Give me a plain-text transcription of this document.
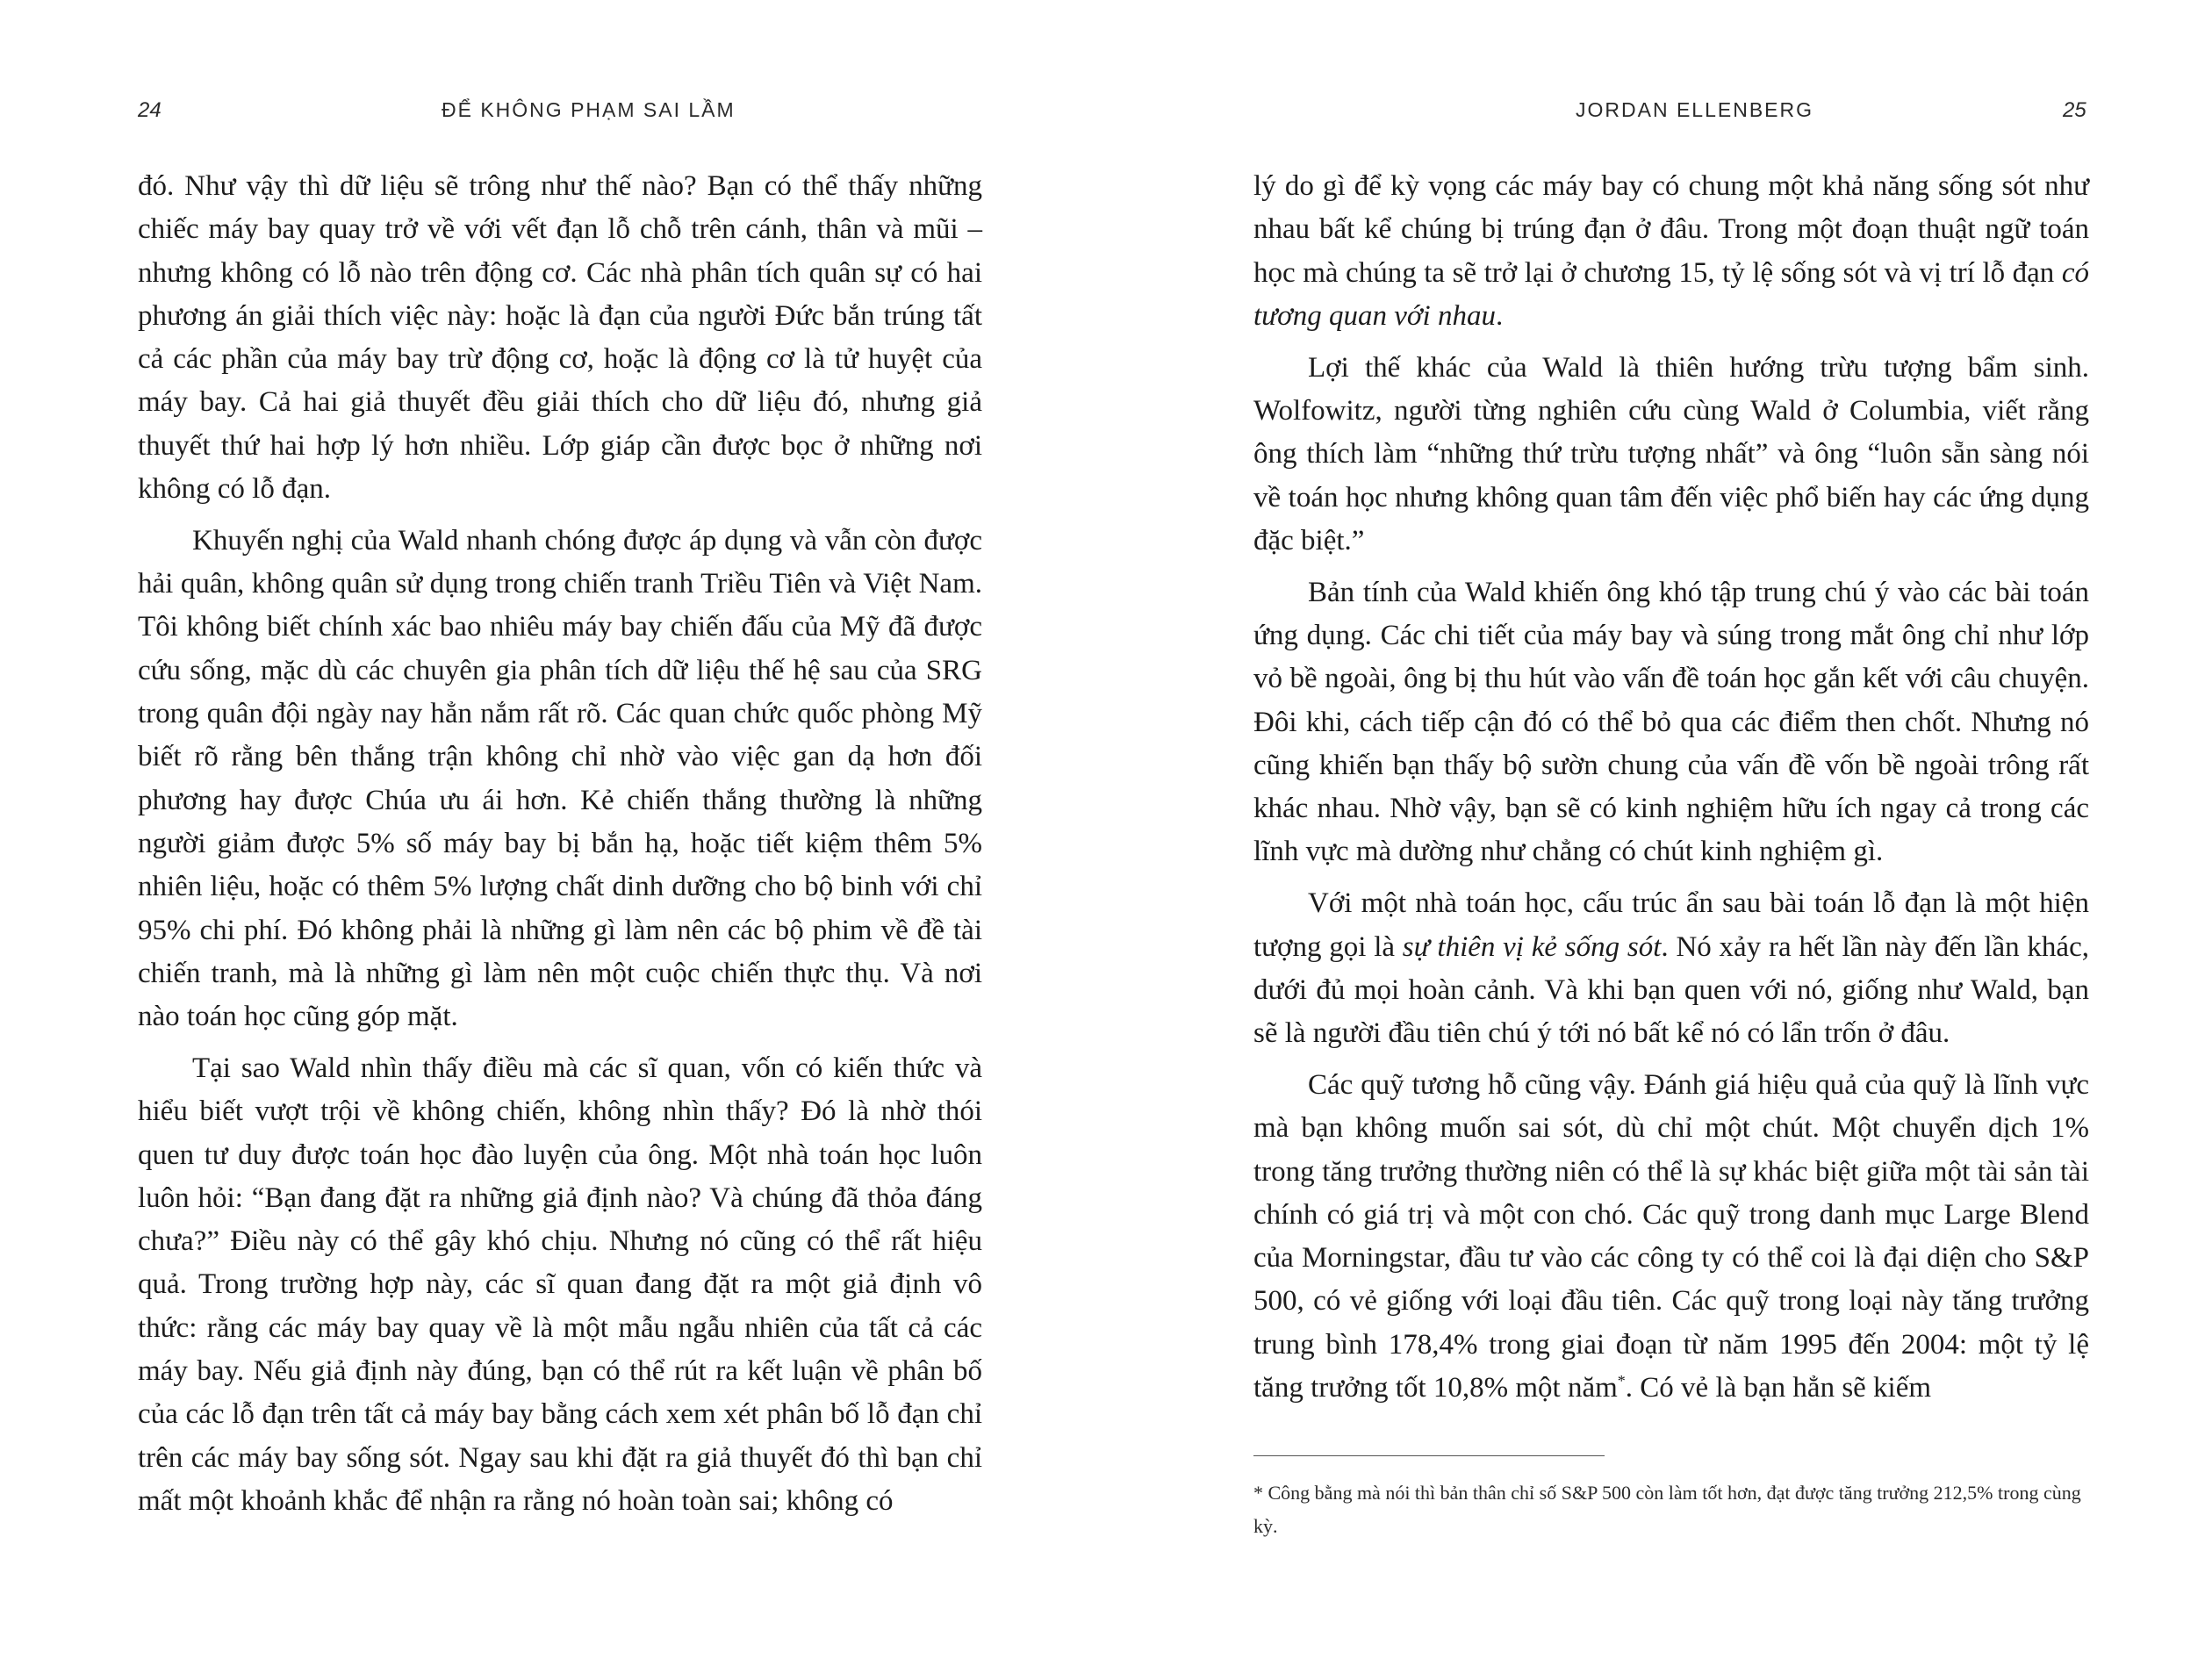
24	ĐỂ KHÔNG PHẠM SAI LẦM

đó. Như vậy thì dữ liệu sẽ trông như thế nào? Bạn có thể thấy những chiếc máy bay quay trở về với vết đạn lỗ chỗ trên cánh, thân và mũi – nhưng không có lỗ nào trên động cơ. Các nhà phân tích quân sự có hai phương án giải thích việc này: hoặc là đạn của người Đức bắn trúng tất cả các phần của máy bay trừ động cơ, hoặc là động cơ là tử huyệt của máy bay. Cả hai giả thuyết đều giải thích cho dữ liệu đó, nhưng giả thuyết thứ hai hợp lý hơn nhiều. Lớp giáp cần được bọc ở những nơi không có lỗ đạn.

Khuyến nghị của Wald nhanh chóng được áp dụng và vẫn còn được hải quân, không quân sử dụng trong chiến tranh Triều Tiên và Việt Nam. Tôi không biết chính xác bao nhiêu máy bay chiến đấu của Mỹ đã được cứu sống, mặc dù các chuyên gia phân tích dữ liệu thế hệ sau của SRG trong quân đội ngày nay hẳn nắm rất rõ. Các quan chức quốc phòng Mỹ biết rõ rằng bên thắng trận không chỉ nhờ vào việc gan dạ hơn đối phương hay được Chúa ưu ái hơn. Kẻ chiến thắng thường là những người giảm được 5% số máy bay bị bắn hạ, hoặc tiết kiệm thêm 5% nhiên liệu, hoặc có thêm 5% lượng chất dinh dưỡng cho bộ binh với chỉ 95% chi phí. Đó không phải là những gì làm nên các bộ phim về đề tài chiến tranh, mà là những gì làm nên một cuộc chiến thực thụ. Và nơi nào toán học cũng góp mặt.

Tại sao Wald nhìn thấy điều mà các sĩ quan, vốn có kiến thức và hiểu biết vượt trội về không chiến, không nhìn thấy? Đó là nhờ thói quen tư duy được toán học đào luyện của ông. Một nhà toán học luôn luôn hỏi: “Bạn đang đặt ra những giả định nào? Và chúng đã thỏa đáng chưa?” Điều này có thể gây khó chịu. Nhưng nó cũng có thể rất hiệu quả. Trong trường hợp này, các sĩ quan đang đặt ra một giả định vô thức: rằng các máy bay quay về là một mẫu ngẫu nhiên của tất cả các máy bay. Nếu giả định này đúng, bạn có thể rút ra kết luận về phân bố của các lỗ đạn trên tất cả máy bay bằng cách xem xét phân bố lỗ đạn chỉ trên các máy bay sống sót. Ngay sau khi đặt ra giả thuyết đó thì bạn chỉ mất một khoảnh khắc để nhận ra rằng nó hoàn toàn sai; không có

JORDAN ELLENBERG	25

lý do gì để kỳ vọng các máy bay có chung một khả năng sống sót như nhau bất kể chúng bị trúng đạn ở đâu. Trong một đoạn thuật ngữ toán học mà chúng ta sẽ trở lại ở chương 15, tỷ lệ sống sót và vị trí lỗ đạn có tương quan với nhau.

Lợi thế khác của Wald là thiên hướng trừu tượng bẩm sinh. Wolfowitz, người từng nghiên cứu cùng Wald ở Columbia, viết rằng ông thích làm “những thứ trừu tượng nhất” và ông “luôn sẵn sàng nói về toán học nhưng không quan tâm đến việc phổ biến hay các ứng dụng đặc biệt.”

Bản tính của Wald khiến ông khó tập trung chú ý vào các bài toán ứng dụng. Các chi tiết của máy bay và súng trong mắt ông chỉ như lớp vỏ bề ngoài, ông bị thu hút vào vấn đề toán học gắn kết với câu chuyện. Đôi khi, cách tiếp cận đó có thể bỏ qua các điểm then chốt. Nhưng nó cũng khiến bạn thấy bộ sườn chung của vấn đề vốn bề ngoài trông rất khác nhau. Nhờ vậy, bạn sẽ có kinh nghiệm hữu ích ngay cả trong các lĩnh vực mà dường như chẳng có chút kinh nghiệm gì.

Với một nhà toán học, cấu trúc ẩn sau bài toán lỗ đạn là một hiện tượng gọi là sự thiên vị kẻ sống sót. Nó xảy ra hết lần này đến lần khác, dưới đủ mọi hoàn cảnh. Và khi bạn quen với nó, giống như Wald, bạn sẽ là người đầu tiên chú ý tới nó bất kể nó có lẩn trốn ở đâu.

Các quỹ tương hỗ cũng vậy. Đánh giá hiệu quả của quỹ là lĩnh vực mà bạn không muốn sai sót, dù chỉ một chút. Một chuyển dịch 1% trong tăng trưởng thường niên có thể là sự khác biệt giữa một tài sản tài chính có giá trị và một con chó. Các quỹ trong danh mục Large Blend của Morningstar, đầu tư vào các công ty có thể coi là đại diện cho S&P 500, có vẻ giống với loại đầu tiên. Các quỹ trong loại này tăng trưởng trung bình 178,4% trong giai đoạn từ năm 1995 đến 2004: một tỷ lệ tăng trưởng tốt 10,8% một năm*. Có vẻ là bạn hẳn sẽ kiếm

* Công bằng mà nói thì bản thân chỉ số S&P 500 còn làm tốt hơn, đạt được tăng trưởng 212,5% trong cùng kỳ.
